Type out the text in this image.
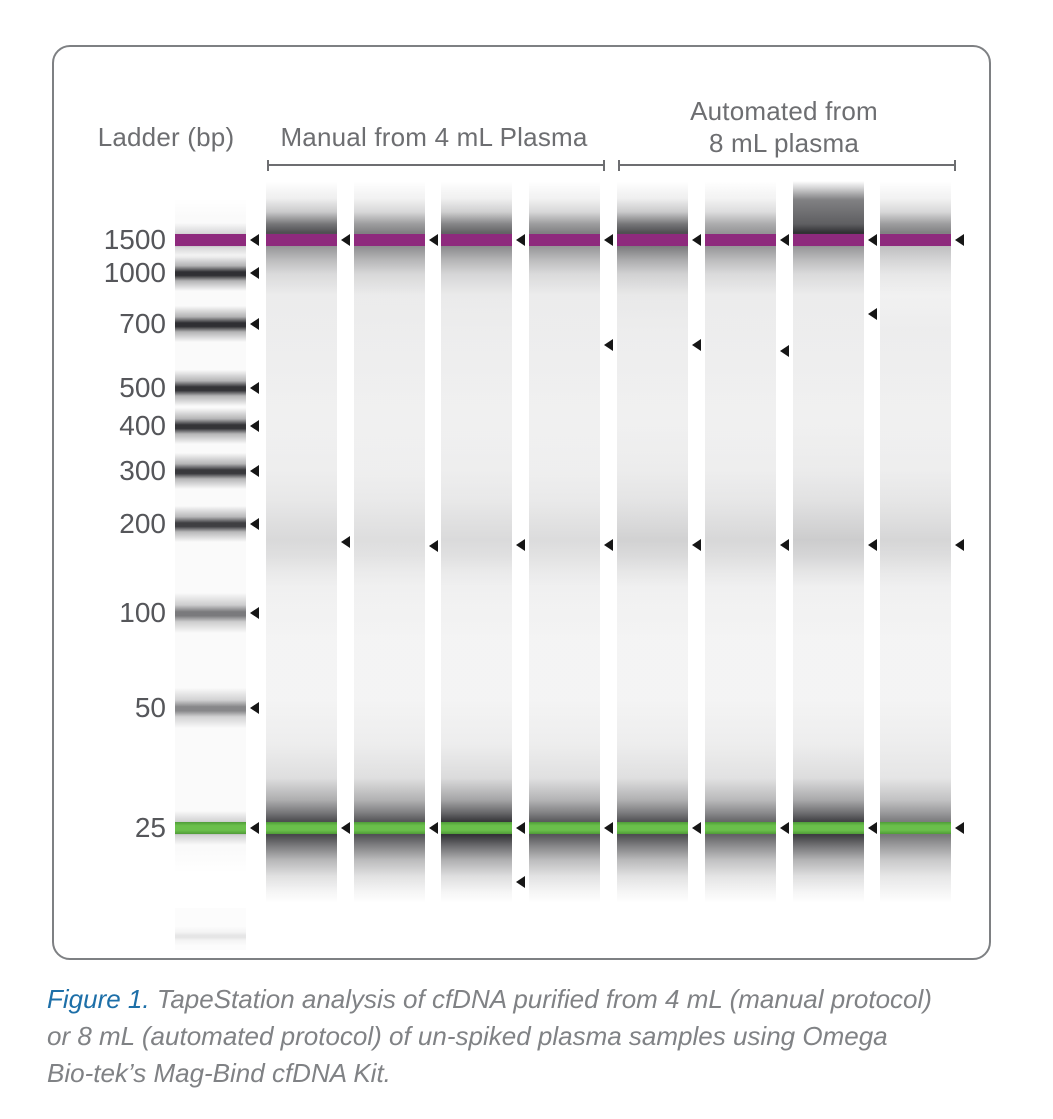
Ladder (bp)	Manual from 4 mL Plasma
Automated from
8 mL plasma
1500
1000
700
500
400
300
200
100
50
25
Figure 1. TapeStation analysis of cfDNA purified from 4 mL (manual protocol)
or 8 mL (automated protocol) of un-spiked plasma samples using Omega
Bio-tek’s Mag-Bind cfDNA Kit.
